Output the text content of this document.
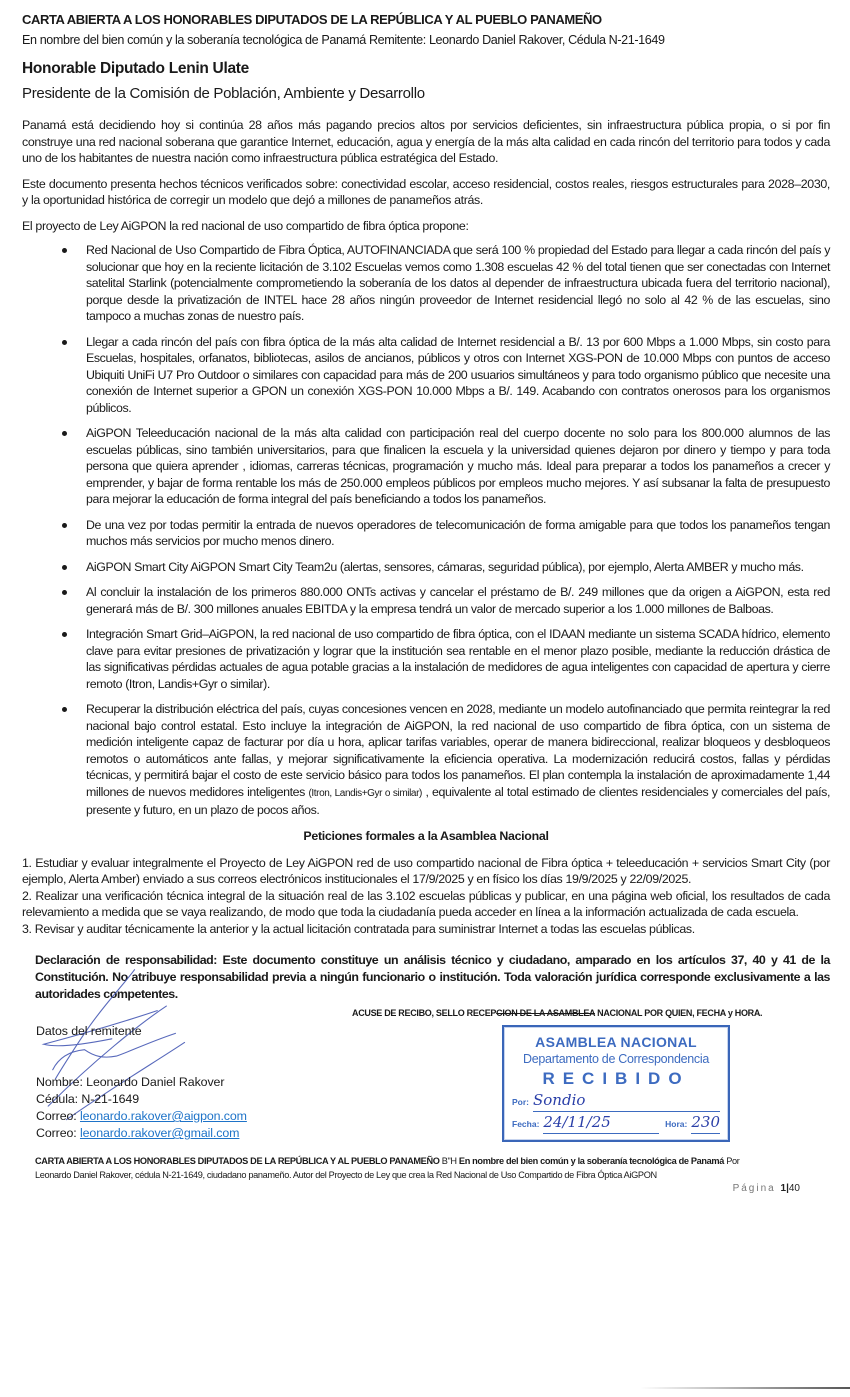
CARTA ABIERTA A LOS HONORABLES DIPUTADOS DE LA REPÚBLICA Y AL PUEBLO PANAMEÑO
En nombre del bien común y la soberanía tecnológica de Panamá Remitente: Leonardo Daniel Rakover, Cédula N-21-1649
Honorable Diputado Lenin Ulate
Presidente de la Comisión de Población, Ambiente y Desarrollo
Panamá está decidiendo hoy si continúa 28 años más pagando precios altos por servicios deficientes, sin infraestructura pública propia, o si por fin construye una red nacional soberana que garantice Internet, educación, agua y energía de la más alta calidad en cada rincón del territorio para todos y cada uno de los habitantes de nuestra nación como infraestructura pública estratégica del Estado.
Este documento presenta hechos técnicos verificados sobre: conectividad escolar, acceso residencial, costos reales, riesgos estructurales para 2028–2030, y la oportunidad histórica de corregir un modelo que dejó a millones de panameños atrás.
El proyecto de Ley AiGPON la red nacional de uso compartido de fibra óptica propone:
Red Nacional de Uso Compartido de Fibra Óptica, AUTOFINANCIADA que será 100 % propiedad del Estado para llegar a cada rincón del país y solucionar que hoy en la reciente licitación de 3.102 Escuelas vemos como 1.308 escuelas 42 % del total tienen que ser conectadas con Internet satelital Starlink (potencialmente comprometiendo la soberanía de los datos al depender de infraestructura ubicada fuera del territorio nacional), porque desde la privatización de INTEL hace 28 años ningún proveedor de Internet residencial llegó no solo al 42 % de las escuelas, sino tampoco a muchas zonas de nuestro país.
Llegar a cada rincón del país con fibra óptica de la más alta calidad de Internet residencial a B/. 13 por 600 Mbps a 1.000 Mbps, sin costo para Escuelas, hospitales, orfanatos, bibliotecas, asilos de ancianos, públicos y otros con Internet XGS-PON de 10.000 Mbps con puntos de acceso Ubiquiti UniFi U7 Pro Outdoor o similares con capacidad para más de 200 usuarios simultáneos y para todo organismo público que necesite una conexión de Internet superior a GPON un conexión XGS-PON 10.000 Mbps a B/. 149. Acabando con contratos onerosos para los organismos públicos.
AiGPON Teleeducación nacional de la más alta calidad con participación real del cuerpo docente no solo para los 800.000 alumnos de las escuelas públicas, sino también universitarios, para que finalicen la escuela y la universidad quienes dejaron por dinero y tiempo y para toda persona que quiera aprender , idiomas, carreras técnicas, programación y mucho más. Ideal para preparar a todos los panameños a crecer y emprender, y bajar de forma rentable los más de 250.000 empleos públicos por empleos mucho mejores. Y así subsanar la falta de presupuesto para mejorar la educación de forma integral del país beneficiando a todos los panameños.
De una vez por todas permitir la entrada de nuevos operadores de telecomunicación de forma amigable para que todos los panameños tengan muchos más servicios por mucho menos dinero.
AiGPON Smart City AiGPON Smart City Team2u (alertas, sensores, cámaras, seguridad pública), por ejemplo, Alerta AMBER y mucho más.
Al concluir la instalación de los primeros 880.000 ONTs activas y cancelar el préstamo de B/. 249 millones que da origen a AiGPON, esta red generará más de B/. 300 millones anuales EBITDA y la empresa tendrá un valor de mercado superior a los 1.000 millones de Balboas.
Integración Smart Grid–AiGPON, la red nacional de uso compartido de fibra óptica, con el IDAAN mediante un sistema SCADA hídrico, elemento clave para evitar presiones de privatización y lograr que la institución sea rentable en el menor plazo posible, mediante la reducción drástica de las significativas pérdidas actuales de agua potable gracias a la instalación de medidores de agua inteligentes con capacidad de apertura y cierre remoto (Itron, Landis+Gyr o similar).
Recuperar la distribución eléctrica del país, cuyas concesiones vencen en 2028, mediante un modelo autofinanciado que permita reintegrar la red nacional bajo control estatal. Esto incluye la integración de AiGPON, la red nacional de uso compartido de fibra óptica, con un sistema de medición inteligente capaz de facturar por día u hora, aplicar tarifas variables, operar de manera bidireccional, realizar bloqueos y desbloqueos remotos o automáticos ante fallas, y mejorar significativamente la eficiencia operativa. La modernización reducirá costos, fallas y pérdidas técnicas, y permitirá bajar el costo de este servicio básico para todos los panameños. El plan contempla la instalación de aproximadamente 1,44 millones de nuevos medidores inteligentes (Itron, Landis+Gyr o similar) , equivalente al total estimado de clientes residenciales y comerciales del país, presente y futuro, en un plazo de pocos años.
Peticiones formales a la Asamblea Nacional
1. Estudiar y evaluar integralmente el Proyecto de Ley AiGPON red de uso compartido nacional de Fibra óptica + teleeducación + servicios Smart City (por ejemplo, Alerta Amber) enviado a sus correos electrónicos institucionales el 17/9/2025 y en físico los días 19/9/2025 y 22/09/2025.
2. Realizar una verificación técnica integral de la situación real de las 3.102 escuelas públicas y publicar, en una página web oficial, los resultados de cada relevamiento a medida que se vaya realizando, de modo que toda la ciudadanía pueda acceder en línea a la información actualizada de cada escuela.
3. Revisar y auditar técnicamente la anterior y la actual licitación contratada para suministrar Internet a todas las escuelas públicas.
Declaración de responsabilidad: Este documento constituye un análisis técnico y ciudadano, amparado en los artículos 37, 40 y 41 de la Constitución. No atribuye responsabilidad previa a ningún funcionario o institución. Toda valoración jurídica corresponde exclusivamente a las autoridades competentes.
Datos del remitente
Nombre: Leonardo Daniel Rakover
Cédula: N-21-1649
Correo: leonardo.rakover@aigpon.com
Correo: leonardo.rakover@gmail.com
ACUSE DE RECIBO, SELLO RECEPCION DE LA ASAMBLEA NACIONAL POR QUIEN, FECHA y HORA.
ASAMBLEA NACIONAL
Departamento de Correspondencia
RECIBIDO
Por: Sondio
Fecha: 24/11/25	Hora: 230
CARTA ABIERTA A LOS HONORABLES DIPUTADOS DE LA REPÚBLICA Y AL PUEBLO PANAMEÑO B"H En nombre del bien común y la soberanía tecnológica de Panamá Por
Leonardo Daniel Rakover, cédula N-21-1649, ciudadano panameño. Autor del Proyecto de Ley que crea la Red Nacional de Uso Compartido de Fibra Óptica AiGPON
Página 1|40
